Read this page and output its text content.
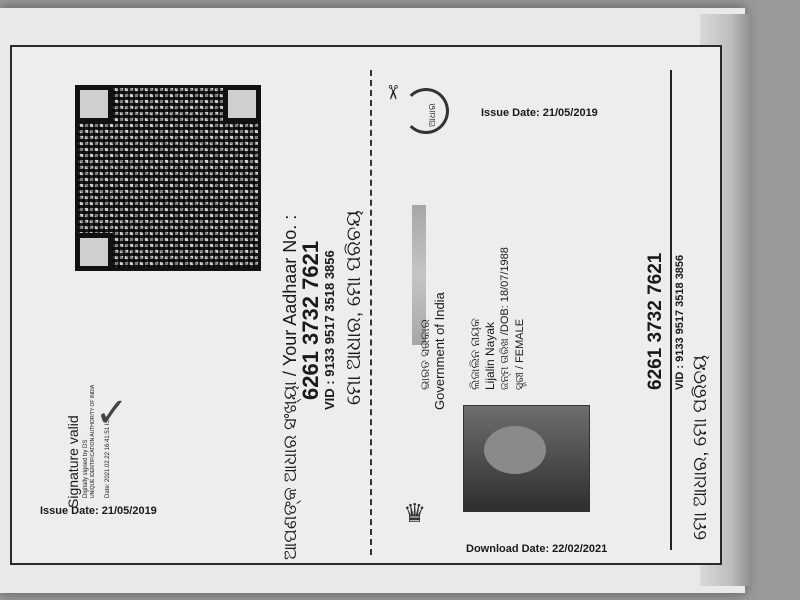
✂
Issue Date: 21/05/2019	ଆପଣଙ୍କ ଆଧାର ସଂଖ୍ୟା / Your Aadhaar No. :
6261 3732 7621 VID : 9133 9517 3518 3856 ମୋ ଆଧାର, ମୋ ପରିଚୟ
Signature valid Digitally signed by DS	Date: 2021.02.22 16:41:51 IST
✓
ଆଧାର	Issue Date: 21/05/2019
ଭାରତ ସରକାର Government of India ଲିଜାଲିନ ନାୟକ Lijalin Nayak ଜନ୍ମ ତାରିଖ /DOB: 18/07/1988 ସ୍ତ୍ରୀ / FEMALE
♛
Download Date: 22/02/2021
6261 3732 7621 VID : 9133 9517 3518 3856
ମୋ ଆଧାର, ମୋ ପରିଚୟ
